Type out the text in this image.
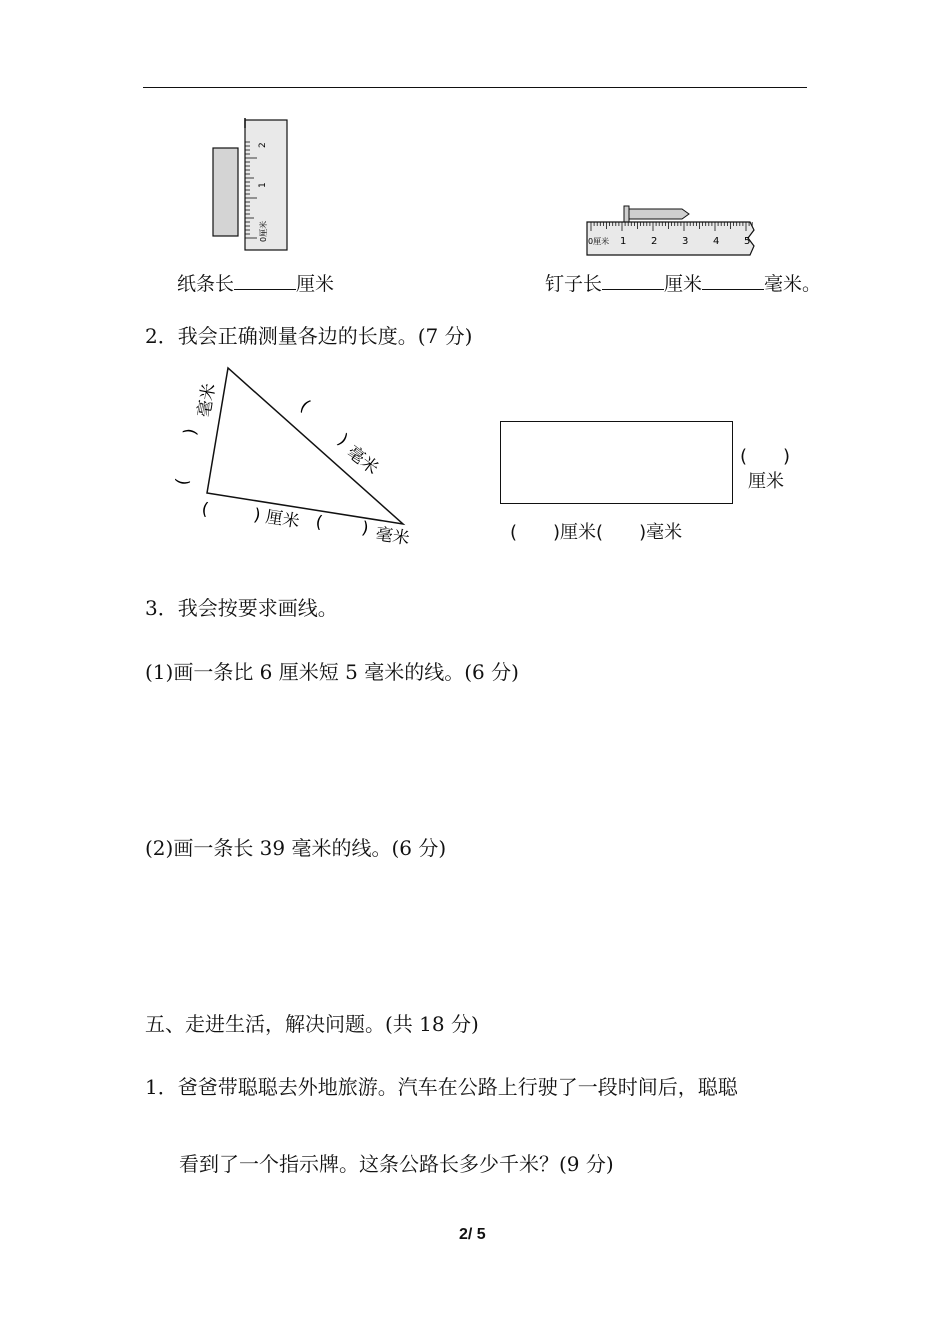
2
1
0厘米	0厘米 1 2 3 4 5
纸条长	厘米	钉子长	厘米	毫米。
2．我会正确测量各边的长度。(7 分)
毫米
(
)
(
)
毫米
( ) 厘米 ( ) 毫米
(　　)
厘米
(　　)厘米(　　)毫米
3．我会按要求画线。
(1)画一条比 6 厘米短 5 毫米的线。(6 分)
(2)画一条长 39 毫米的线。(6 分)
五、走进生活，解决问题。(共 18 分)
1．爸爸带聪聪去外地旅游。汽车在公路上行驶了一段时间后，聪聪
看到了一个指示牌。这条公路长多少千米？(9 分)
2/ 5
